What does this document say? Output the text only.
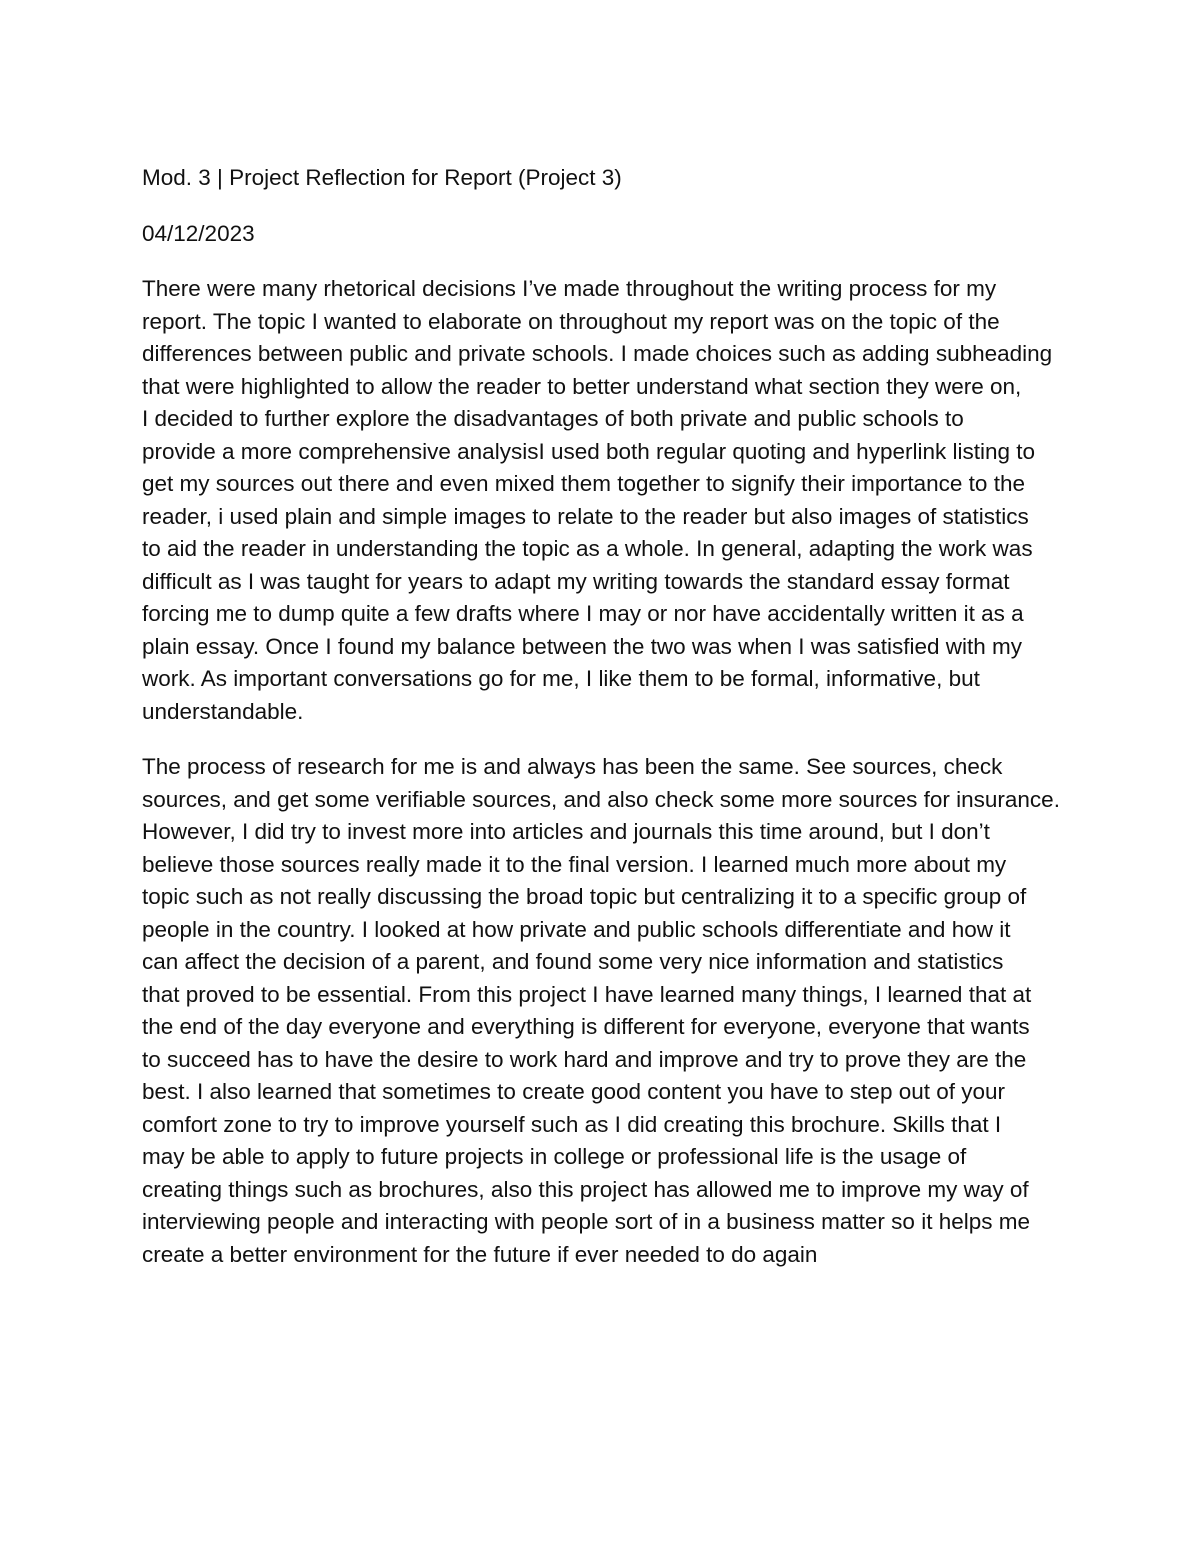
Mod. 3 | Project Reflection for Report (Project 3)
04/12/2023
There were many rhetorical decisions I’ve made throughout the writing process for my
report. The topic I wanted to elaborate on throughout my report was on the topic of the
differences between public and private schools. I made choices such as adding subheading
that were highlighted to allow the reader to better understand what section they were on,
I decided to further explore the disadvantages of both private and public schools to
provide a more comprehensive analysisI used both regular quoting and hyperlink listing to
get my sources out there and even mixed them together to signify their importance to the
reader, i used plain and simple images to relate to the reader but also images of statistics
to aid the reader in understanding the topic as a whole. In general, adapting the work was
difficult as I was taught for years to adapt my writing towards the standard essay format
forcing me to dump quite a few drafts where I may or nor have accidentally written it as a
plain essay. Once I found my balance between the two was when I was satisfied with my
work. As important conversations go for me, I like them to be formal, informative, but
understandable.
The process of research for me is and always has been the same. See sources, check
sources, and get some verifiable sources, and also check some more sources for insurance.
However, I did try to invest more into articles and journals this time around, but I don’t
believe those sources really made it to the final version. I learned much more about my
topic such as not really discussing the broad topic but centralizing it to a specific group of
people in the country. I looked at how private and public schools differentiate and how it
can affect the decision of a parent, and found some very nice information and statistics
that proved to be essential. From this project I have learned many things, I learned that at
the end of the day everyone and everything is different for everyone, everyone that wants
to succeed has to have the desire to work hard and improve and try to prove they are the
best. I also learned that sometimes to create good content you have to step out of your
comfort zone to try to improve yourself such as I did creating this brochure. Skills that I
may be able to apply to future projects in college or professional life is the usage of
creating things such as brochures, also this project has allowed me to improve my way of
interviewing people and interacting with people sort of in a business matter so it helps me
create a better environment for the future if ever needed to do again
